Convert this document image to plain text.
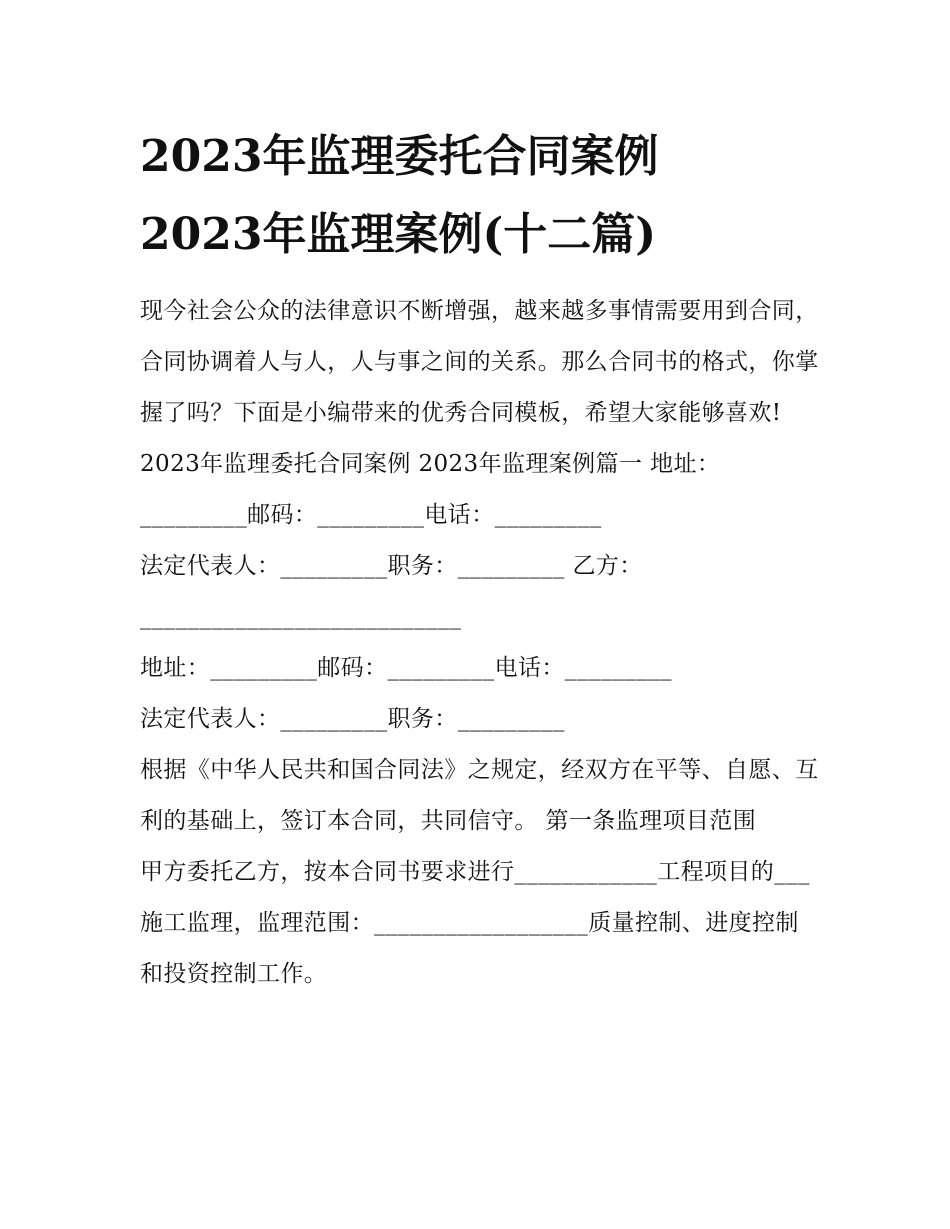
2023年监理委托合同案例
2023年监理案例(十二篇)

现今社会公众的法律意识不断增强，越来越多事情需要用到合同，合同协调着人与人，人与事之间的关系。那么合同书的格式，你掌握了吗？下面是小编带来的优秀合同模板，希望大家能够喜欢!

2023年监理委托合同案例 2023年监理案例篇一 地址：

_________邮码：_________电话：_________

法定代表人：_________职务：_________ 乙方：

___________________________

地址：_________邮码：_________电话：_________

法定代表人：_________职务：_________

根据《中华人民共和国合同法》之规定，经双方在平等、自愿、互利的基础上，签订本合同，共同信守。 第一条监理项目范围

甲方委托乙方，按本合同书要求进行____________工程项目的___施工监理，监理范围：__________________质量控制、进度控制和投资控制工作。
